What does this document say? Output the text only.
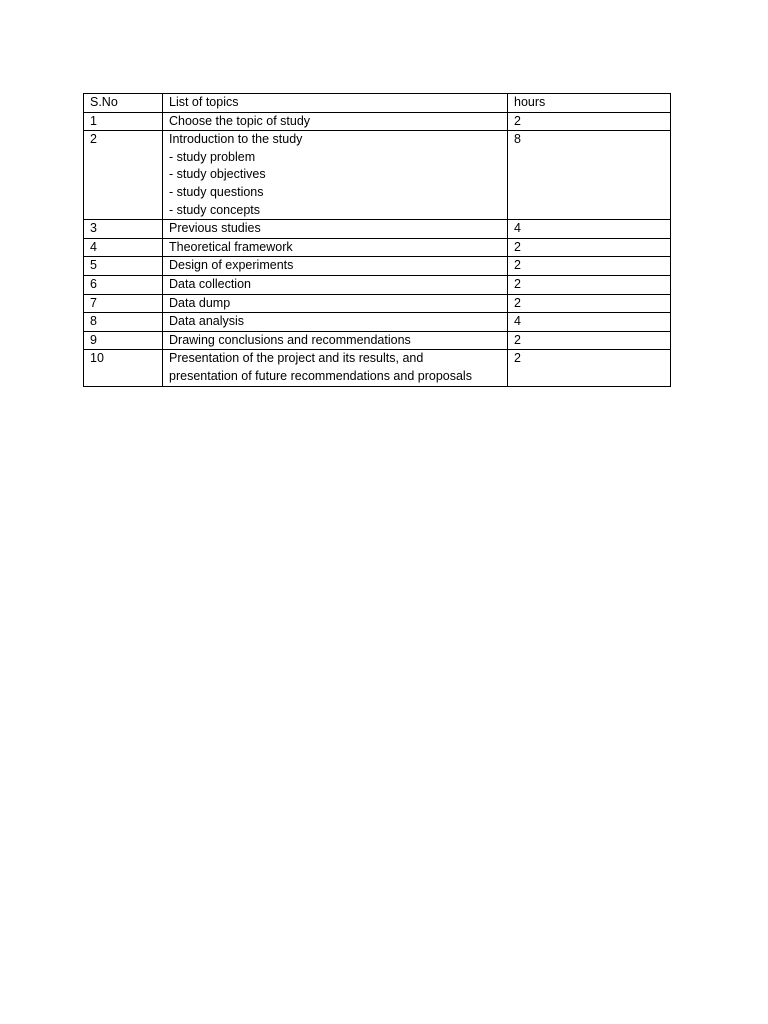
S.No	List of topics	hours
1	Choose the topic of study	2
2	Introduction to the study
- study problem
- study objectives
- study questions
- study concepts	8
3	Previous studies	4
4	Theoretical framework	2
5	Design of experiments	2
6	Data collection	2
7	Data dump	2
8	Data analysis	4
9	Drawing conclusions and recommendations	2
10	Presentation of the project and its results, and
presentation of future recommendations and proposals	2
